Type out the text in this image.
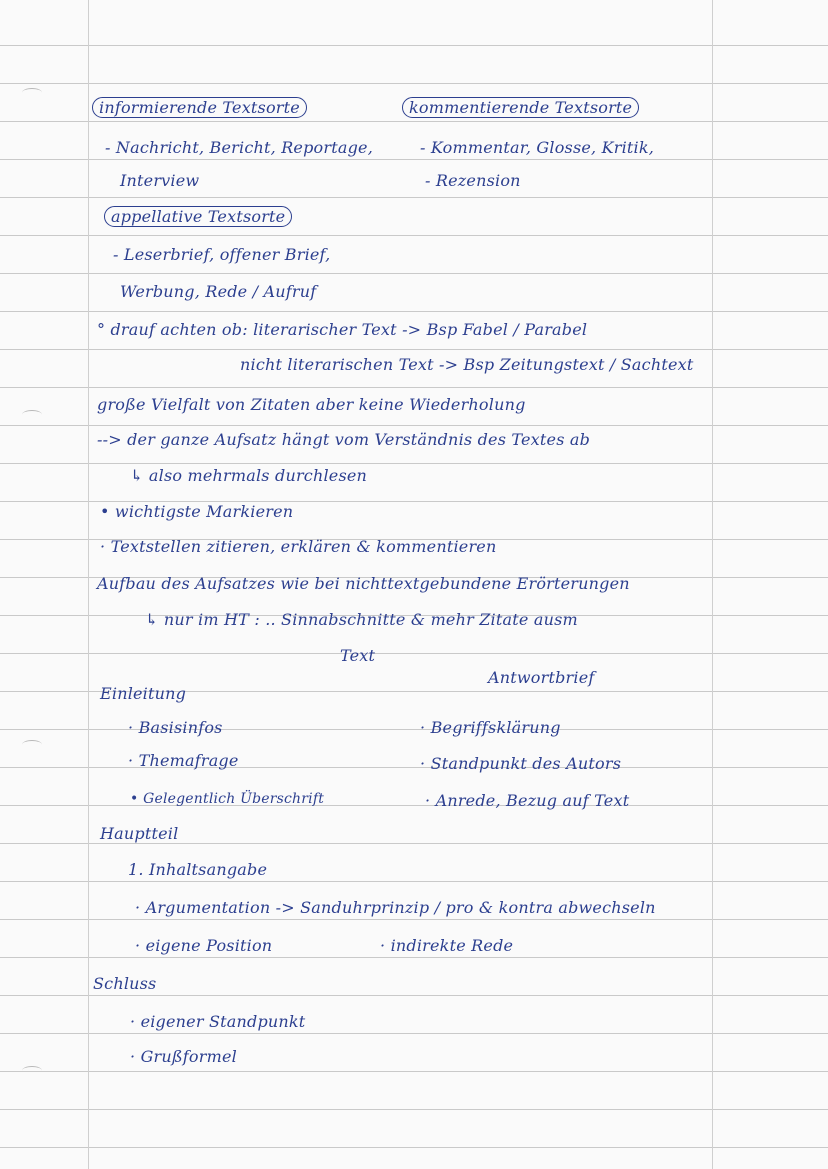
informierende Textsorte	kommentierende Textsorte
- Nachricht, Bericht, Reportage,	- Kommentar, Glosse, Kritik,
Interview	- Rezension
appellative Textsorte
- Leserbrief, offener Brief,
Werbung, Rede / Aufruf
° drauf achten ob: literarischer Text -> Bsp Fabel / Parabel
nicht literarischen Text -> Bsp Zeitungstext / Sachtext
große Vielfalt von Zitaten aber keine Wiederholung
--> der ganze Aufsatz hängt vom Verständnis des Textes ab
↳ also mehrmals durchlesen
• wichtigste Markieren
· Textstellen zitieren, erklären & kommentieren
Aufbau des Aufsatzes wie bei nichttextgebundene Erörterungen
↳ nur im HT : .. Sinnabschnitte & mehr Zitate ausm
Text
Antwortbrief
Einleitung
· Basisinfos	· Begriffsklärung
· Themafrage	· Standpunkt des Autors
• Gelegentlich Überschrift	· Anrede, Bezug auf Text
Hauptteil
1. Inhaltsangabe
· Argumentation -> Sanduhrprinzip / pro & kontra abwechseln
· eigene Position	· indirekte Rede
Schluss
· eigener Standpunkt
· Grußformel
